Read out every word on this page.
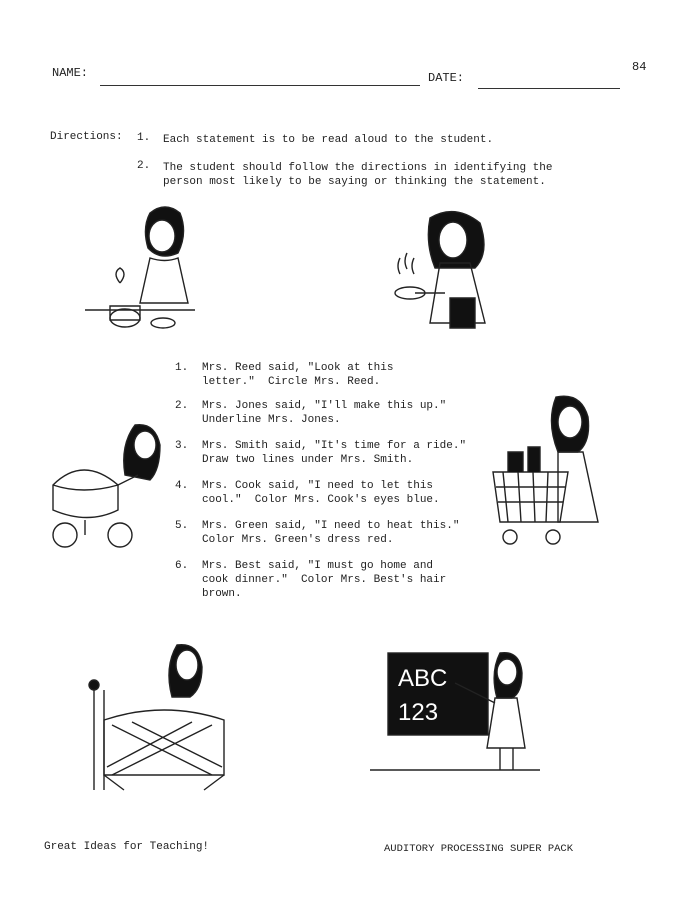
NAME:	DATE:
84
Directions: 1. Each statement is to be read aloud to the student.
2. The student should follow the directions in identifying the
person most likely to be saying or thinking the statement.
1. Mrs. Reed said, "Look at this
letter."  Circle Mrs. Reed.
2. Mrs. Jones said, "I'll make this up."
Underline Mrs. Jones.
3. Mrs. Smith said, "It's time for a ride."
Draw two lines under Mrs. Smith.
4. Mrs. Cook said, "I need to let this
cool."  Color Mrs. Cook's eyes blue.
5. Mrs. Green said, "I need to heat this."
Color Mrs. Green's dress red.
6. Mrs. Best said, "I must go home and
cook dinner."  Color Mrs. Best's hair
brown.
ABC
123
Great Ideas for Teaching!	AUDITORY PROCESSING SUPER PACK
